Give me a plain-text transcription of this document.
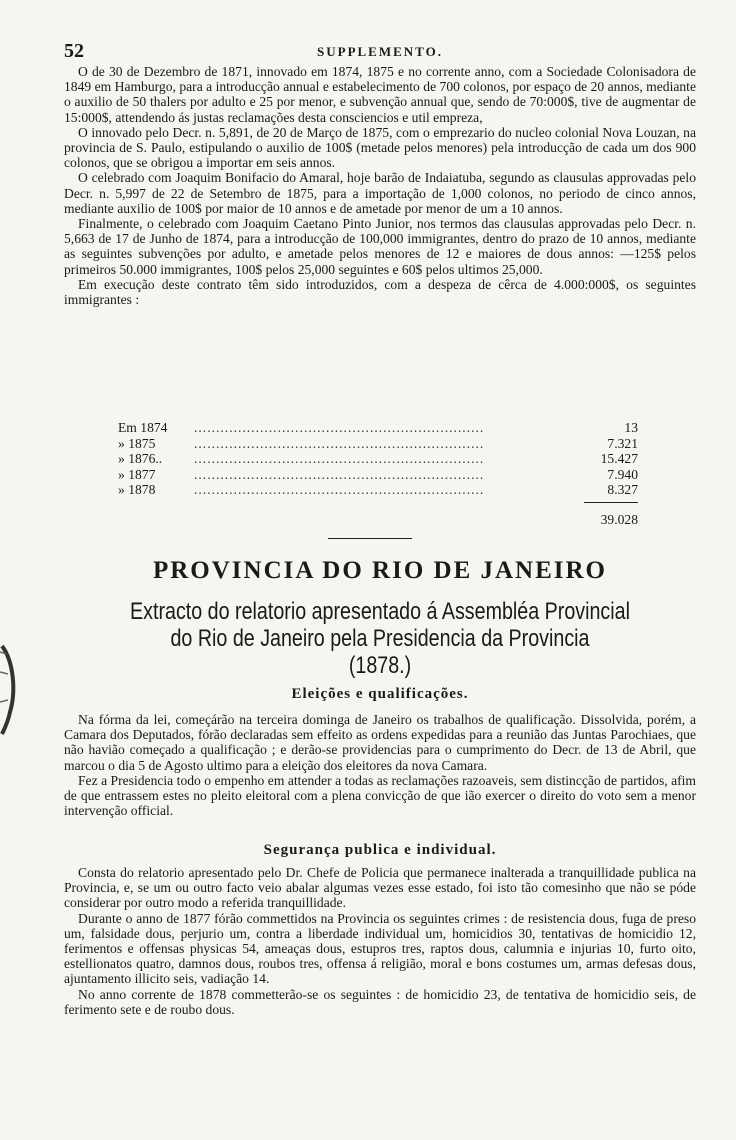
52	SUPPLEMENTO.

O de 30 de Dezembro de 1871, innovado em 1874, 1875 e no corrente anno, com a Sociedade Colonisadora de 1849 em Hamburgo, para a introducção annual e estabelecimento de 700 colonos, por espaço de 20 annos, mediante o auxilio de 50 thalers por adulto e 25 por menor, e subvenção annual que, sendo de 70:000$, tive de augmentar de 15:000$, attendendo ás justas reclamações desta consciencios e util empreza,

O innovado pelo Decr. n. 5,891, de 20 de Março de 1875, com o emprezario do nucleo colonial Nova Louzan, na provincia de S. Paulo, estipulando o auxilio de 100$ (metade pelos menores) pela introducção de cada um dos 900 colonos, que se obrigou a importar em seis annos.

O celebrado com Joaquim Bonifacio do Amaral, hoje barão de Indaiatuba, segundo as clausulas approvadas pelo Decr. n. 5,997 de 22 de Setembro de 1875, para a importação de 1,000 colonos, no periodo de cinco annos, mediante auxilio de 100$ por maior de 10 annos e de ametade por menor de um a 10 annos.

Finalmente, o celebrado com Joaquim Caetano Pinto Junior, nos termos das clausulas approvadas pelo Decr. n. 5,663 de 17 de Junho de 1874, para a introducção de 100,000 immigrantes, dentro do prazo de 10 annos, mediante as seguintes subvenções por adulto, e ametade pelos menores de 12 e maiores de dous annos: —125$ pelos primeiros 50.000 immigrantes, 100$ pelos 25,000 seguintes e 60$ pelos ultimos 25,000.

Em execução deste contrato têm sido introduzidos, com a despeza de cêrca de 4.000:000$, os seguintes immigrantes :

Em 1874	..................................................................	13
» 1875	..................................................................	7.321
» 1876..	..................................................................	15.427
» 1877	..................................................................	7.940
» 1878	..................................................................	8.327
39.028
PROVINCIA DO RIO DE JANEIRO
Extracto do relatorio apresentado á Assembléa Provincial do Rio de Janeiro pela Presidencia da Provincia
(1878.)
Eleições e qualificações.

Na fórma da lei, começárão na terceira dominga de Janeiro os trabalhos de qualificação. Dissolvida, porém, a Camara dos Deputados, fórão declaradas sem effeito as ordens expedidas para a reunião das Juntas Parochiaes, que não havião começado a qualificação ; e derão-se providencias para o cumprimento do Decr. de 13 de Abril, que marcou o dia 5 de Agosto ultimo para a eleição dos eleitores da nova Camara.

Fez a Presidencia todo o empenho em attender a todas as reclamações razoaveis, sem distincção de partidos, afim de que entrassem estes no pleito eleitoral com a plena convicção de que ião exercer o direito do voto sem a menor intervenção official.

Segurança publica e individual.

Consta do relatorio apresentado pelo Dr. Chefe de Policia que permanece inalterada a tranquillidade publica na Provincia, e, se um ou outro facto veio abalar algumas vezes esse estado, foi isto tão comesinho que não se póde considerar por outro modo a referida tranquillidade.

Durante o anno de 1877 fórão commettidos na Provincia os seguintes crimes : de resistencia dous, fuga de preso um, falsidade dous, perjurio um, contra a liberdade individual um, homicidios 30, tentativas de homicidio 12, ferimentos e offensas physicas 54, ameaças dous, estupros tres, raptos dous, calumnia e injurias 10, furto oito, estellionatos quatro, damnos dous, roubos tres, offensa á religião, moral e bons costumes um, armas defesas dous, ajuntamento illicito seis, vadiação 14.

No anno corrente de 1878 commetterão-se os seguintes : de homicidio 23, de tentativa de homicidio seis, de ferimento sete e de roubo dous.
